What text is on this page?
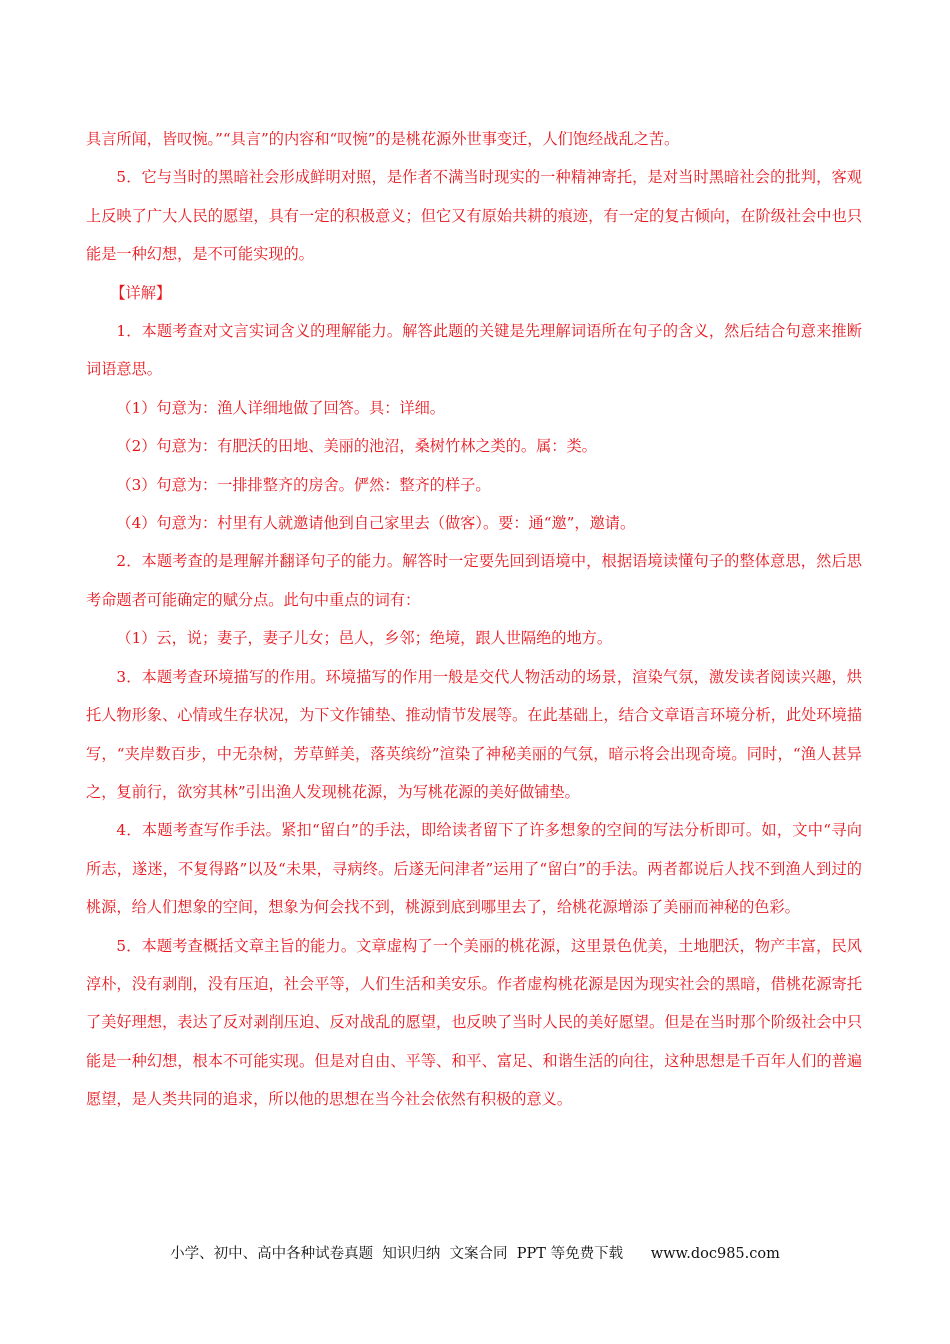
具言所闻，皆叹惋。”“具言”的内容和“叹惋”的是桃花源外世事变迁，人们饱经战乱之苦。

5．它与当时的黑暗社会形成鲜明对照，是作者不满当时现实的一种精神寄托，是对当时黑暗社会的批判，客观上反映了广大人民的愿望，具有一定的积极意义；但它又有原始共耕的痕迹，有一定的复古倾向，在阶级社会中也只能是一种幻想，是不可能实现的。

【详解】

1．本题考查对文言实词含义的理解能力。解答此题的关键是先理解词语所在句子的含义，然后结合句意来推断词语意思。

（1）句意为：渔人详细地做了回答。具：详细。

（2）句意为：有肥沃的田地、美丽的池沼，桑树竹林之类的。属：类。

（3）句意为：一排排整齐的房舍。俨然：整齐的样子。

（4）句意为：村里有人就邀请他到自己家里去（做客）。要：通“邀”，邀请。

2．本题考查的是理解并翻译句子的能力。解答时一定要先回到语境中，根据语境读懂句子的整体意思，然后思考命题者可能确定的赋分点。此句中重点的词有：

（1）云，说；妻子，妻子儿女；邑人，乡邻；绝境，跟人世隔绝的地方。

3．本题考查环境描写的作用。环境描写的作用一般是交代人物活动的场景，渲染气氛，激发读者阅读兴趣，烘托人物形象、心情或生存状况，为下文作铺垫、推动情节发展等。在此基础上，结合文章语言环境分析，此处环境描写，“夹岸数百步，中无杂树，芳草鲜美，落英缤纷”渲染了神秘美丽的气氛，暗示将会出现奇境。同时，“渔人甚异之，复前行，欲穷其林”引出渔人发现桃花源，为写桃花源的美好做铺垫。

4．本题考查写作手法。紧扣“留白”的手法，即给读者留下了许多想象的空间的写法分析即可。如，文中“寻向所志，遂迷，不复得路”以及“未果，寻病终。后遂无问津者”运用了“留白”的手法。两者都说后人找不到渔人到过的桃源，给人们想象的空间，想象为何会找不到，桃源到底到哪里去了，给桃花源增添了美丽而神秘的色彩。

5．本题考查概括文章主旨的能力。文章虚构了一个美丽的桃花源，这里景色优美，土地肥沃，物产丰富，民风淳朴，没有剥削，没有压迫，社会平等，人们生活和美安乐。作者虚构桃花源是因为现实社会的黑暗，借桃花源寄托了美好理想，表达了反对剥削压迫、反对战乱的愿望，也反映了当时人民的美好愿望。但是在当时那个阶级社会中只能是一种幻想，根本不可能实现。但是对自由、平等、和平、富足、和谐生活的向往，这种思想是千百年人们的普遍愿望，是人类共同的追求，所以他的思想在当今社会依然有积极的意义。

小学、初中、高中各种试卷真题  知识归纳  文案合同  PPT 等免费下载      www.doc985.com
